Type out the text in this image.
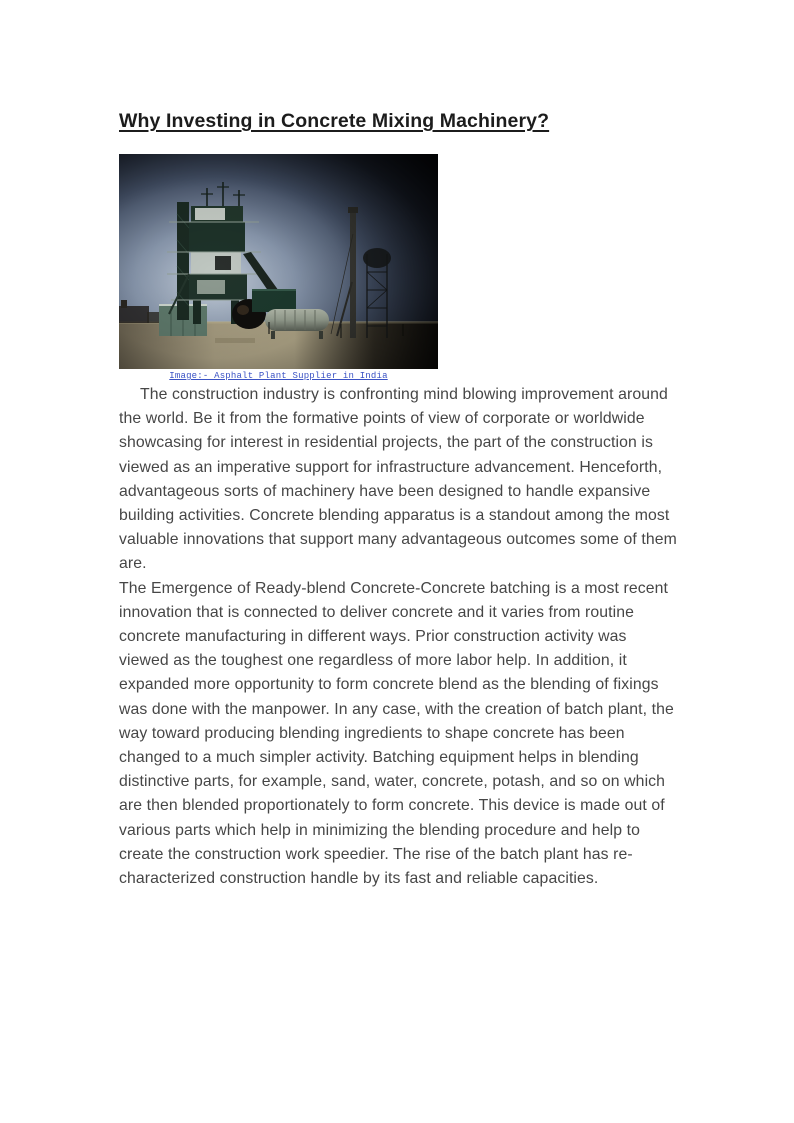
Why Investing in Concrete Mixing Machinery?
Image:- Asphalt Plant Supplier in India

The construction industry is confronting mind blowing improvement around the world. Be it from the formative points of view of corporate or worldwide showcasing for interest in residential projects, the part of the construction is viewed as an imperative support for infrastructure advancement. Henceforth, advantageous sorts of machinery have been designed to handle expansive building activities. Concrete blending apparatus is a standout among the most valuable innovations that support many advantageous outcomes some of them are.

The Emergence of Ready-blend Concrete-Concrete batching is a most recent innovation that is connected to deliver concrete and it varies from routine concrete manufacturing in different ways. Prior construction activity was viewed as the toughest one regardless of more labor help. In addition, it expanded more opportunity to form concrete blend as the blending of fixings was done with the manpower. In any case, with the creation of batch plant, the way toward producing blending ingredients to shape concrete has been changed to a much simpler activity. Batching equipment helps in blending distinctive parts, for example, sand, water, concrete, potash, and so on which are then blended proportionately to form concrete. This device is made out of various parts which help in minimizing the blending procedure and help to create the construction work speedier. The rise of the batch plant has re-characterized construction handle by its fast and reliable capacities.
